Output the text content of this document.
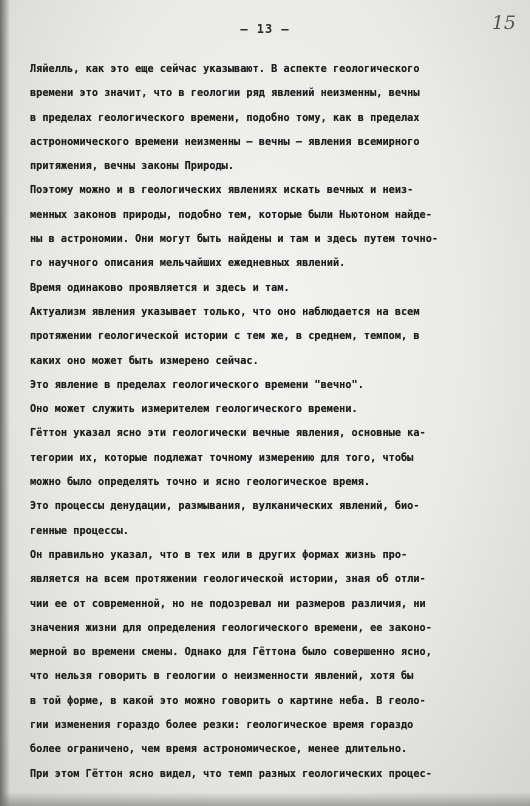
— 13 —	15
Ляйелль, как это еще сейчас указывают. В аспекте геологического
времени это значит, что в геологии ряд явлений неизменны, вечны
в пределах геологического времени, подобно тому, как в пределах
астрономического времени неизменны — вечны — явления всемирного
притяжения, вечны законы Природы.
Поэтому можно и в геологических явлениях искать вечных и неиз-
менных законов природы, подобно тем, которые были Ньютоном найде-
ны в астрономии. Они могут быть найдены и там и здесь путем точно-
го научного описания мельчайших ежедневных явлений.
Время одинаково проявляется и здесь и там.
Актуализм явления указывает только, что оно наблюдается на всем
протяжении геологической истории с тем же, в среднем, темпом, в
каких оно может быть измерено сейчас.
Это явление в пределах геологического времени "вечно".
Оно может служить измерителем геологического времени.
Гёттон указал ясно эти геологически вечные явления, основные ка-
тегории их, которые подлежат точному измерению для того, чтобы
можно было определять точно и ясно геологическое время.
Это процессы денудации, размывания, вулканических явлений, био-
генные процессы.
Он правильно указал, что в тех или в других формах жизнь про-
является на всем протяжении геологической истории, зная об отли-
чии ее от современной, но не подозревал ни размеров различия, ни
значения жизни для определения геологического времени, ее законо-
мерной во времени смены. Однако для Гёттона было совершенно ясно,
что нельзя говорить в геологии о неизменности явлений, хотя бы
в той форме, в какой это можно говорить о картине неба. В геоло-
гии изменения гораздо более резки: геологическое время гораздо
более ограничено, чем время астрономическое, менее длительно.
При этом Гёттон ясно видел, что темп разных геологических процес-
